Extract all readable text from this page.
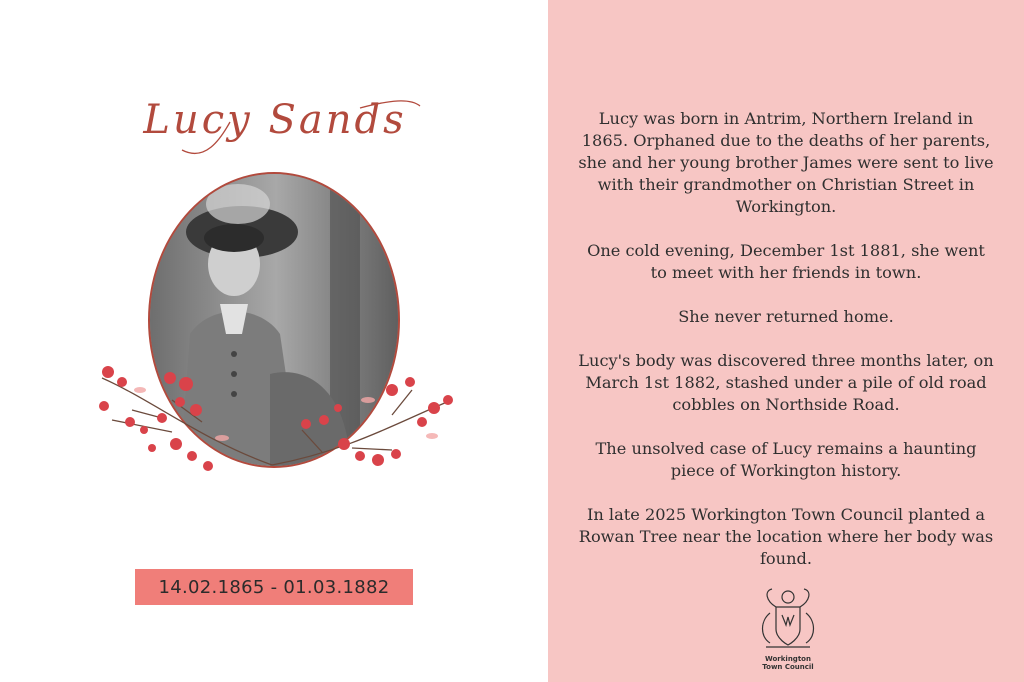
Lucy Sands
14.02.1865 - 01.03.1882

Lucy was born in Antrim, Northern Ireland in 1865. Orphaned due to the deaths of her parents, she and her young brother James were sent to live with their grandmother on Christian Street in Workington.

One cold evening, December 1st 1881, she went to meet with her friends in town.

She never returned home.

Lucy's body was discovered three months later, on March 1st 1882, stashed under a pile of old road cobbles on Northside Road.

The unsolved case of Lucy remains a haunting piece of Workington history.

In late 2025 Workington Town Council planted a Rowan Tree near the location where her body was found.

Workington
Town Council
